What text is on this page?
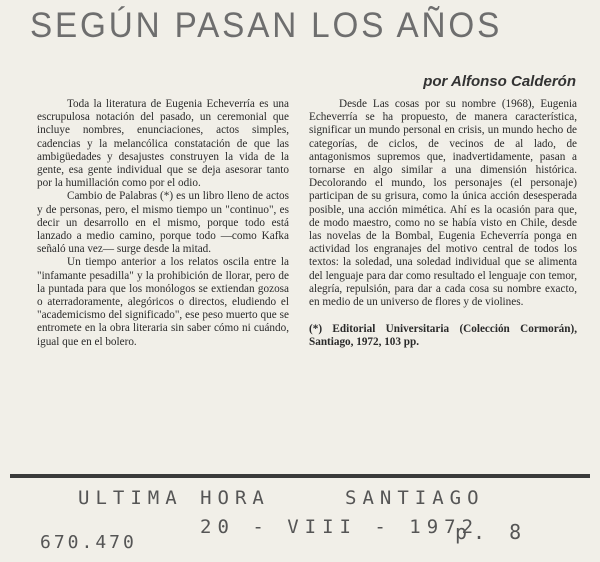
SEGÚN PASAN LOS AÑOS
por Alfonso Calderón

Toda la literatura de Eugenia Echeverría es una escrupulosa notación del pasado, un ceremonial que incluye nombres, enunciaciones, actos simples, cadencias y la melancólica constatación de que las ambigüedades y desajustes construyen la vida de la gente, esa gente individual que se deja asesorar tanto por la humillación como por el odio.

Cambio de Palabras (*) es un libro lleno de actos y de personas, pero, el mismo tiempo un "continuo", es decir un desarrollo en el mismo, porque todo está lanzado a medio camino, porque todo —como Kafka señaló una vez— surge desde la mitad.

Un tiempo anterior a los relatos oscila entre la "infamante pesadilla" y la prohibición de llorar, pero de la puntada para que los monólogos se extiendan gozosa o aterradoramente, alegóricos o directos, eludiendo el "academicismo del significado", ese peso muerto que se entromete en la obra literaria sin saber cómo ni cuándo, igual que en el bolero.

Desde Las cosas por su nombre (1968), Eugenia Echeverría se ha propuesto, de manera característica, significar un mundo personal en crisis, un mundo hecho de categorías, de ciclos, de vecinos de al lado, de antagonismos supremos que, inadvertidamente, pasan a tornarse en algo similar a una dimensión histórica. Decolorando el mundo, los personajes (el personaje) participan de su grisura, como la única acción desesperada posible, una acción mimética. Ahí es la ocasión para que, de modo maestro, como no se había visto en Chile, desde las novelas de la Bombal, Eugenia Echeverría ponga en actividad los engranajes del motivo central de todos los textos: la soledad, una soledad individual que se alimenta del lenguaje para dar como resultado el lenguaje con temor, alegría, repulsión, para dar a cada cosa su nombre exacto, en medio de un universo de flores y de violines.

(*) Editorial Universitaria (Colección Cormorán), Santiago, 1972, 103 pp.

ULTIMA HORA	SANTIAGO
20 - VIII - 1972
670.470	p. 8
